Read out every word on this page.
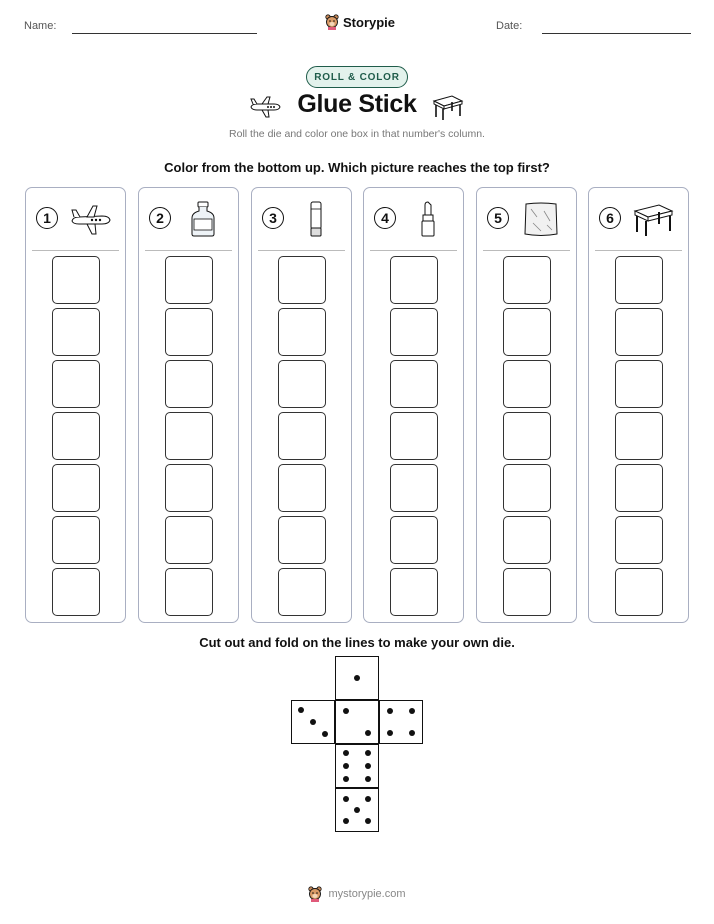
Name:	Storypie	Date:
ROLL & COLOR
Glue Stick
Roll the die and color one box in that number's column.
Color from the bottom up. Which picture reaches the top first?
1	2	3	4	5	6
Cut out and fold on the lines to make your own die.
mystorypie.com
